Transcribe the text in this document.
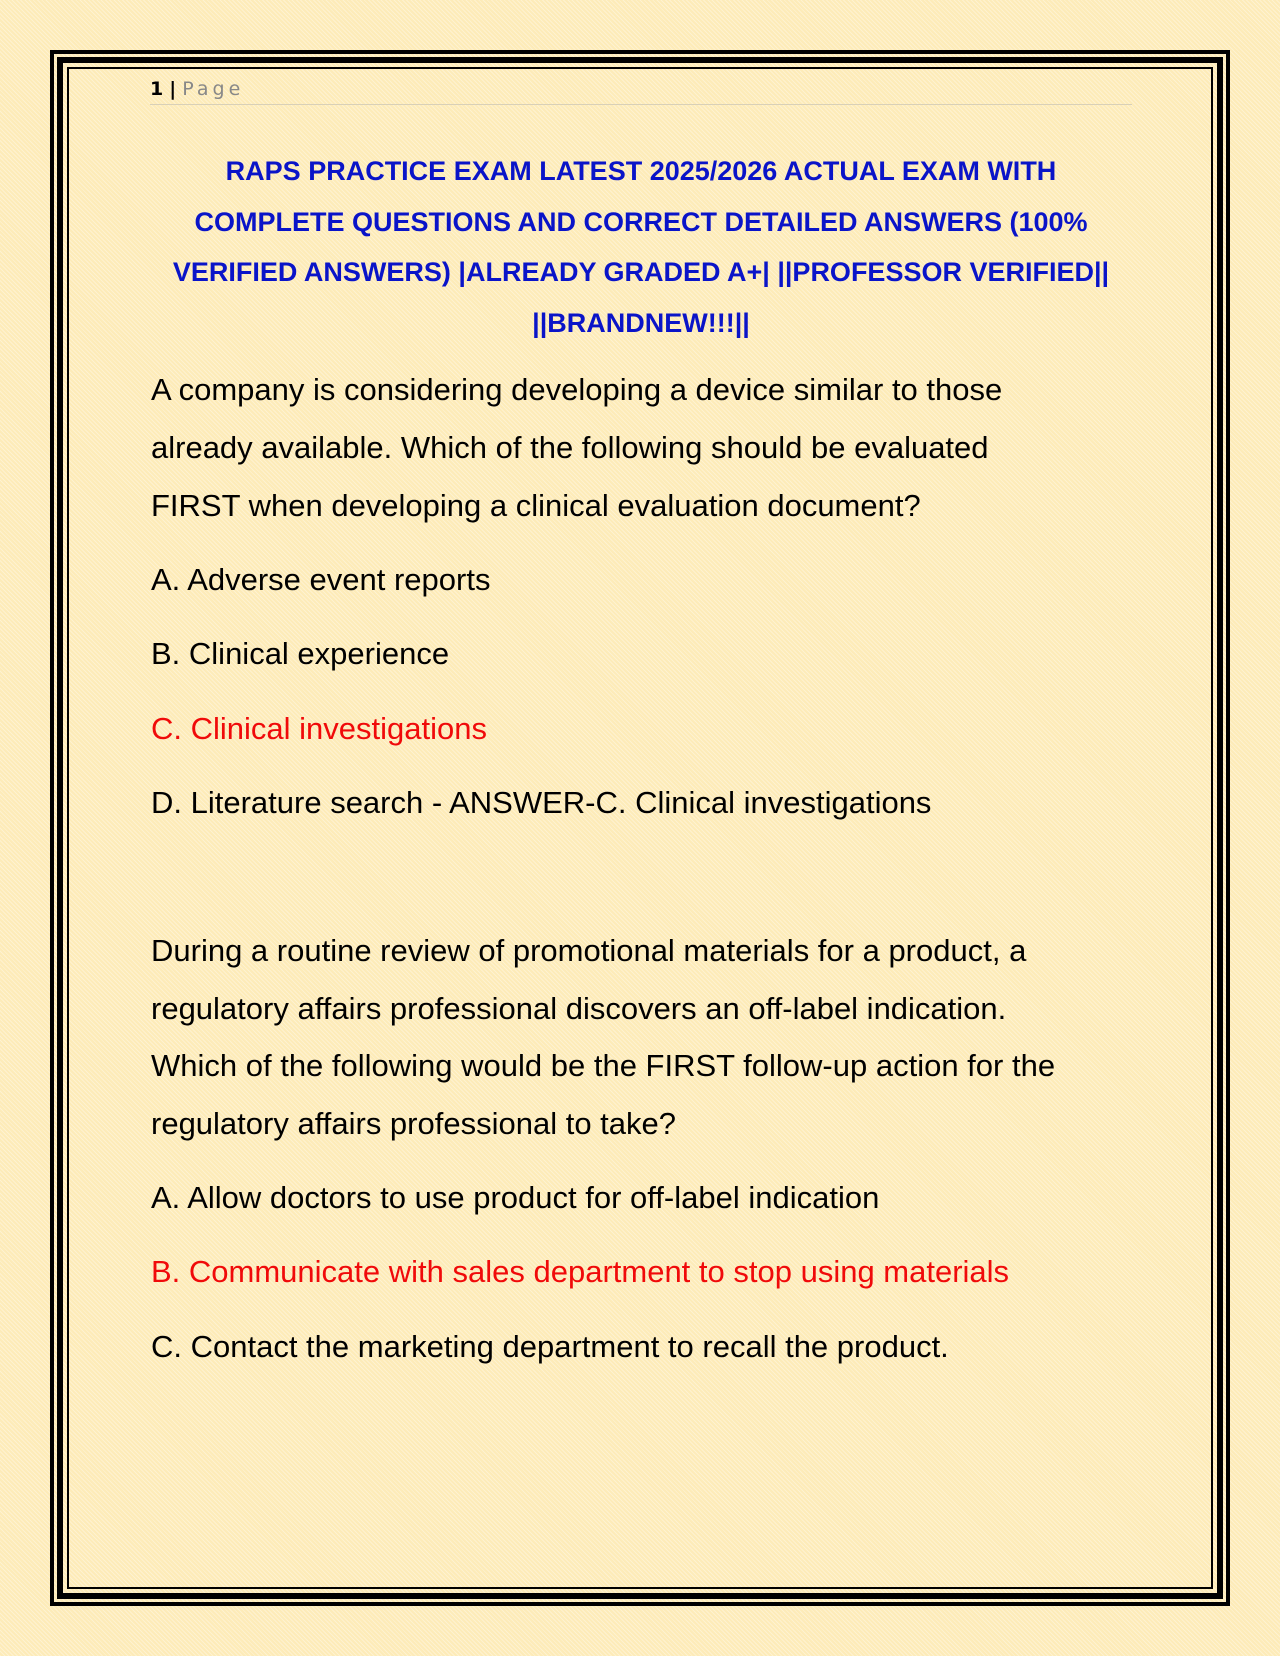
1 | Page
RAPS PRACTICE EXAM LATEST 2025/2026 ACTUAL EXAM WITH COMPLETE QUESTIONS AND CORRECT DETAILED ANSWERS (100% VERIFIED ANSWERS) |ALREADY GRADED A+| ||PROFESSOR VERIFIED|| ||BRANDNEW!!!||
A company is considering developing a device similar to those
already available. Which of the following should be evaluated
FIRST when developing a clinical evaluation document?
A. Adverse event reports
B. Clinical experience
C. Clinical investigations
D. Literature search - ANSWER-C. Clinical investigations
During a routine review of promotional materials for a product, a
regulatory affairs professional discovers an off-label indication.
Which of the following would be the FIRST follow-up action for the
regulatory affairs professional to take?
A. Allow doctors to use product for off-label indication
B. Communicate with sales department to stop using materials
C. Contact the marketing department to recall the product.
